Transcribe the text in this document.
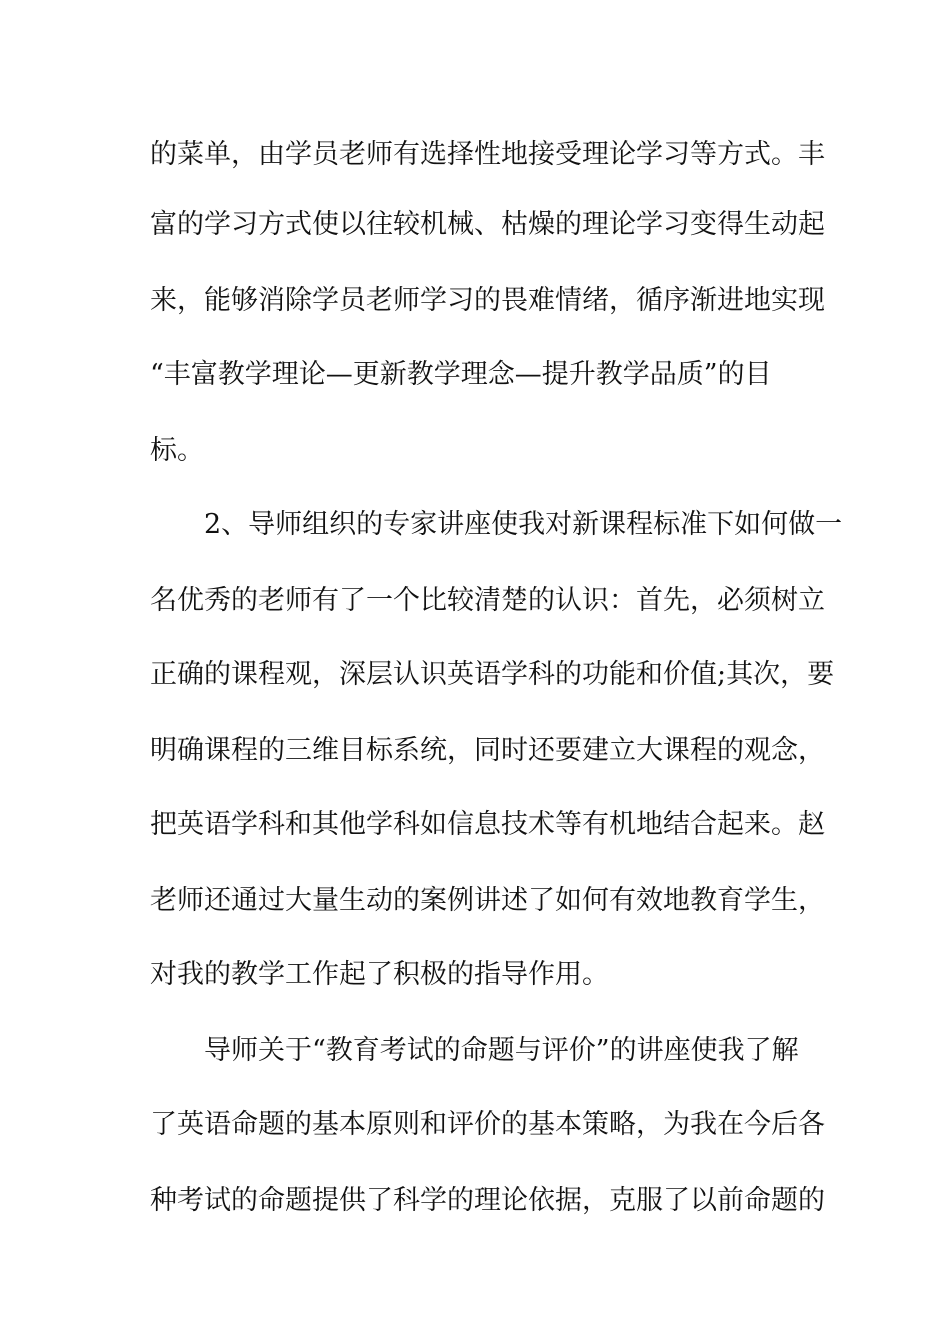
的菜单，由学员老师有选择性地接受理论学习等方式。丰
富的学习方式使以往较机械、枯燥的理论学习变得生动起
来，能够消除学员老师学习的畏难情绪，循序渐进地实现
“丰富教学理论—更新教学理念—提升教学品质”的目
标。
2、导师组织的专家讲座使我对新课程标准下如何做一
名优秀的老师有了一个比较清楚的认识：首先，必须树立
正确的课程观，深层认识英语学科的功能和价值;其次，要
明确课程的三维目标系统，同时还要建立大课程的观念，
把英语学科和其他学科如信息技术等有机地结合起来。赵
老师还通过大量生动的案例讲述了如何有效地教育学生，
对我的教学工作起了积极的指导作用。
导师关于“教育考试的命题与评价”的讲座使我了解
了英语命题的基本原则和评价的基本策略，为我在今后各
种考试的命题提供了科学的理论依据，克服了以前命题的
